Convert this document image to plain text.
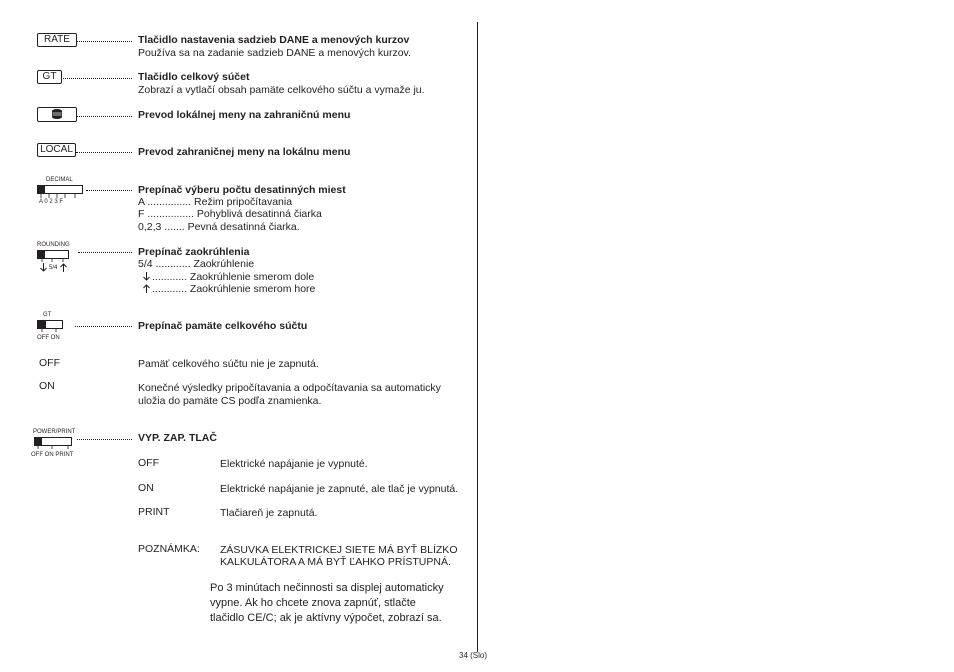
RATE	Tlačidlo nastavenia sadzieb DANE a menových kurzov
Používa sa na zadanie sadzieb DANE a menových kurzov.
GT	Tlačidlo celkový súčet
Zobrazí a vytlačí obsah pamäte celkového súčtu a vymaže ju.
Prevod lokálnej meny na zahraničnú menu
LOCAL	Prevod zahraničnej meny na lokálnu menu
DECIMAL
A 0 2 3 F
Prepínač výberu počtu desatinných miest
A ............... Režim pripočítavania
F ................ Pohyblivá desatinná čiarka
0,2,3 ....... Pevná desatinná čiarka.
ROUNDING
5/4
Prepínač zaokrúhlenia
5/4 ............ Zaokrúhlenie
............ Zaokrúhlenie smerom dole
............ Zaokrúhlenie smerom hore
GT
OFF ON
Prepínač pamäte celkového súčtu
OFF	Pamäť celkového súčtu nie je zapnutá.
ON	Konečné výsledky pripočítavania a odpočítavania sa automaticky
uložia do pamäte CS podľa znamienka.
POWER/PRINT
OFF ON PRINT
VYP. ZAP. TLAČ
OFF	Elektrické napájanie je vypnuté.
ON	Elektrické napájanie je zapnuté, ale tlač je vypnutá.
PRINT	Tlačiareň je zapnutá.
POZNÁMKA: ZÁSUVKA ELEKTRICKEJ SIETE MÁ BYŤ BLÍZKO
KALKULÁTORA A MÁ BYŤ ĽAHKO PRÍSTUPNÁ.
Po 3 minútach nečinnosti sa displej automaticky
vypne. Ak ho chcete znova zapnúť, stlačte
tlačidlo CE/C; ak je aktívny výpočet, zobrazí sa.
34 (Slo)
